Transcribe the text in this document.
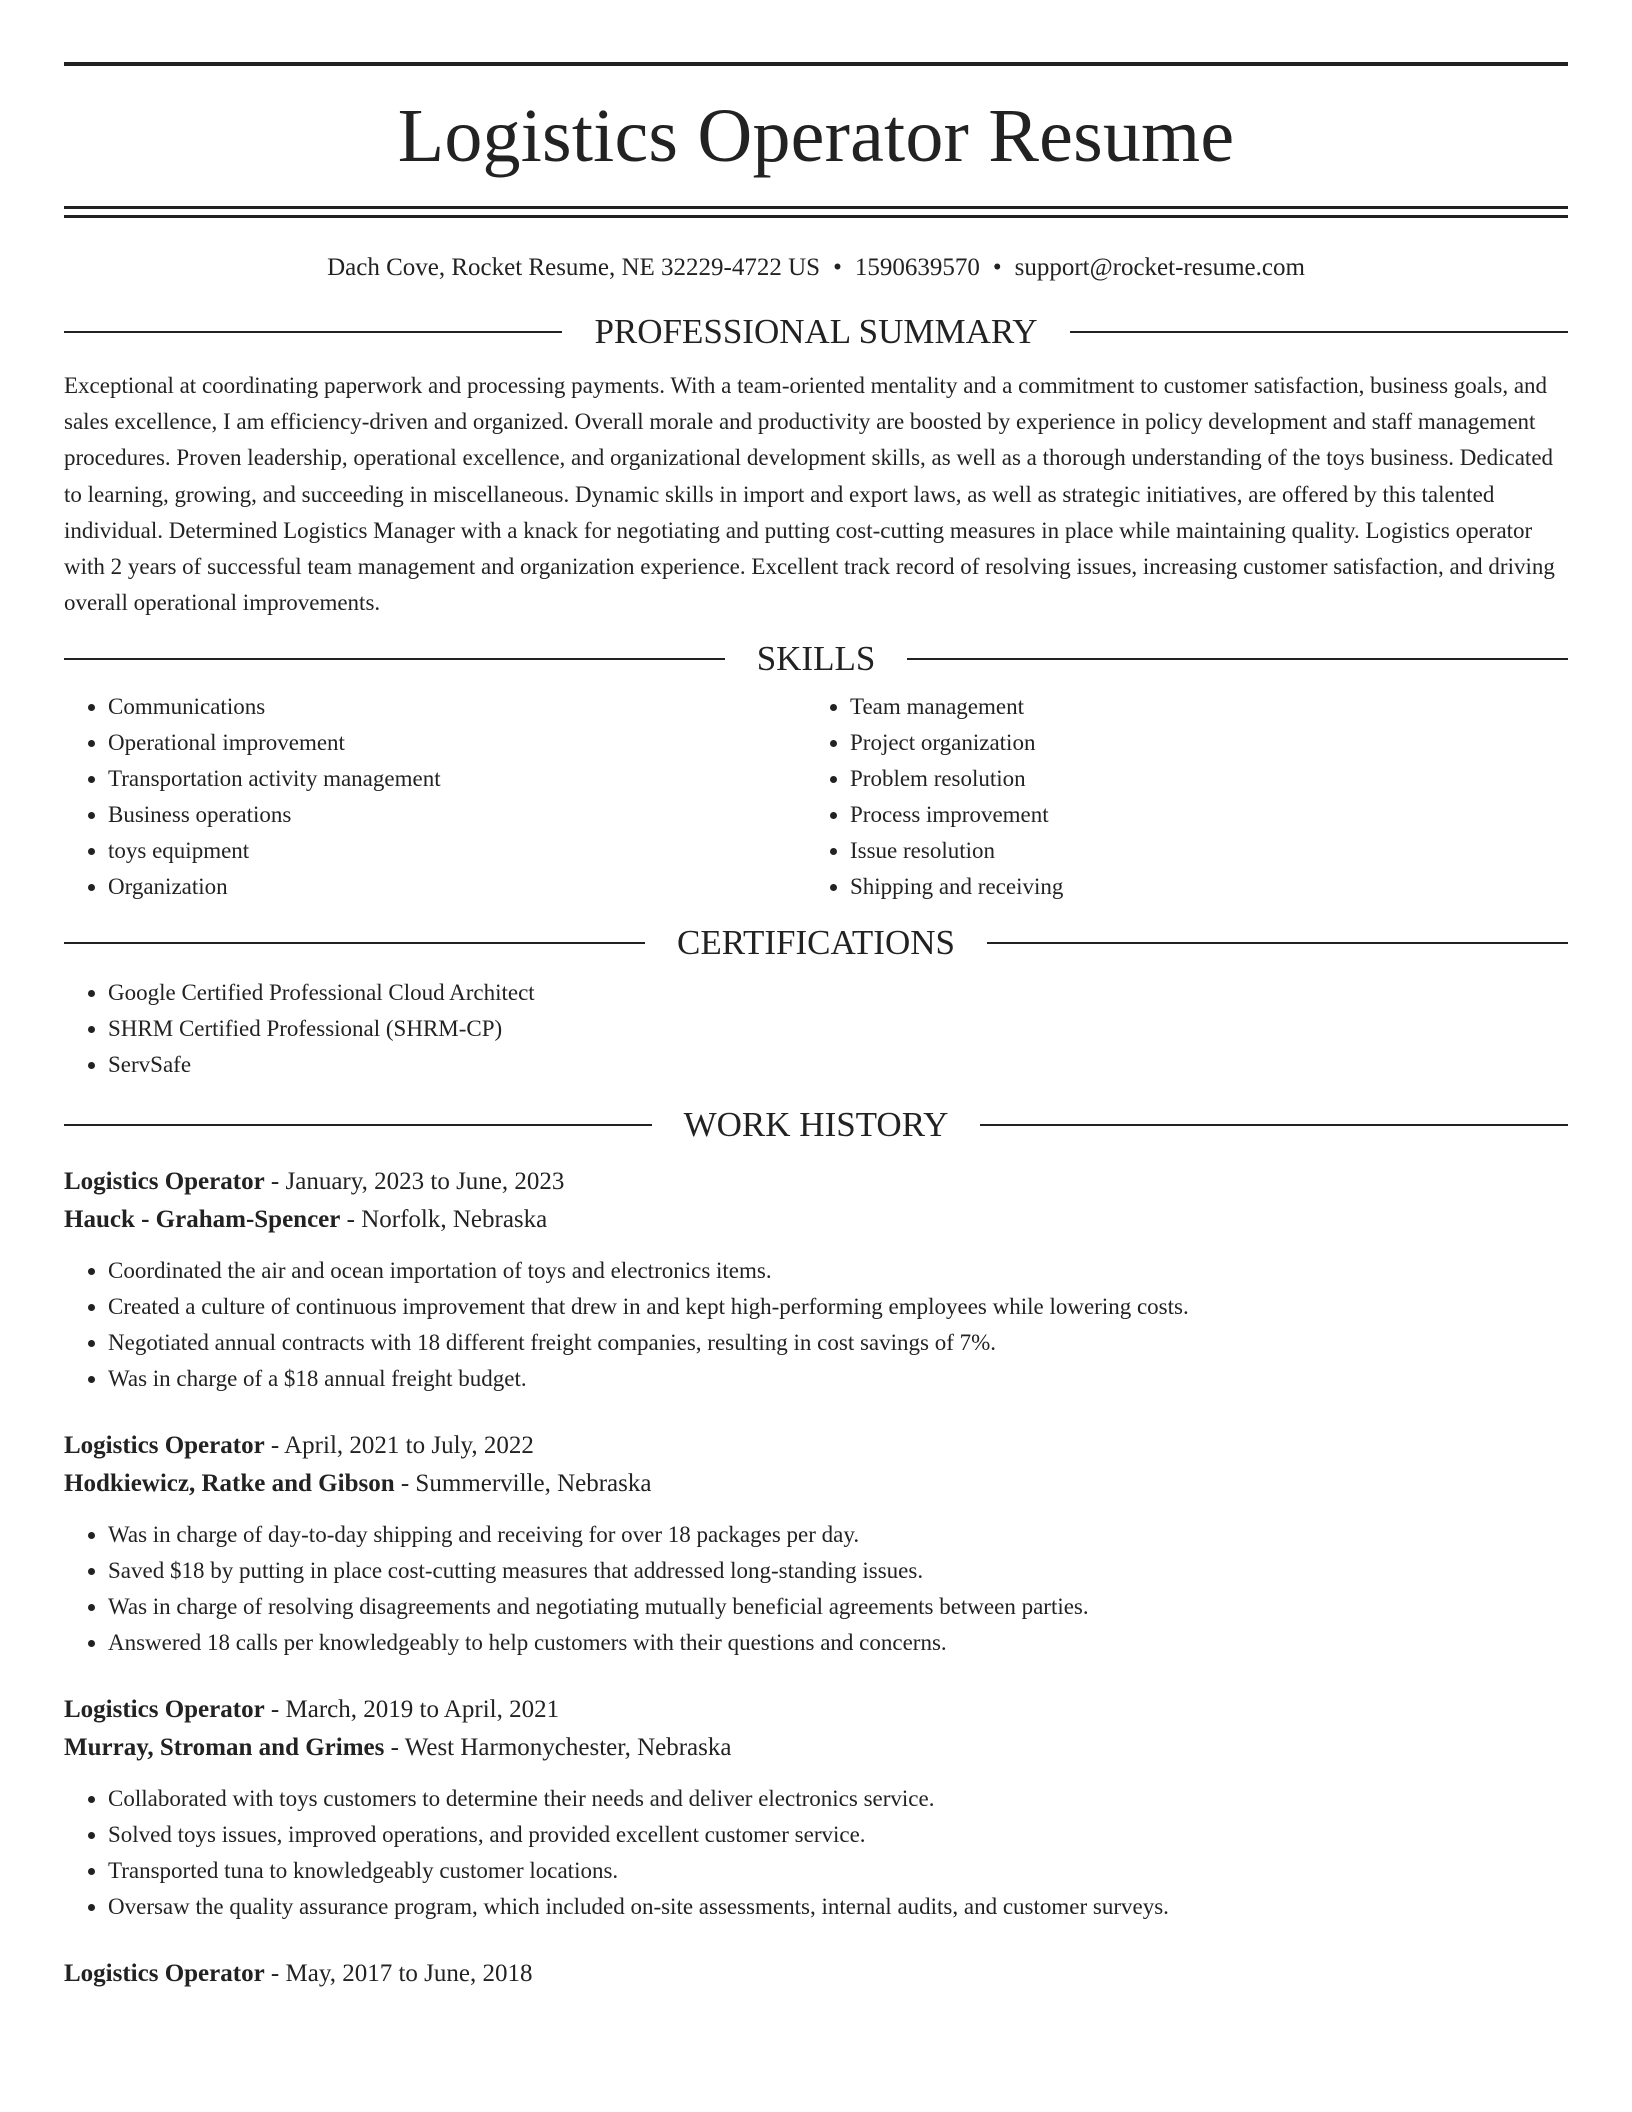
Logistics Operator Resume
Dach Cove, Rocket Resume, NE 32229-4722 US • 1590639570 • support@rocket-resume.com
PROFESSIONAL SUMMARY

Exceptional at coordinating paperwork and processing payments. With a team-oriented mentality and a commitment to customer satisfaction, business goals, and sales excellence, I am efficiency-driven and organized. Overall morale and productivity are boosted by experience in policy development and staff management procedures. Proven leadership, operational excellence, and organizational development skills, as well as a thorough understanding of the toys business. Dedicated to learning, growing, and succeeding in miscellaneous. Dynamic skills in import and export laws, as well as strategic initiatives, are offered by this talented individual. Determined Logistics Manager with a knack for negotiating and putting cost-cutting measures in place while maintaining quality. Logistics operator with 2 years of successful team management and organization experience. Excellent track record of resolving issues, increasing customer satisfaction, and driving overall operational improvements.

SKILLS
• Communications
• Operational improvement
• Transportation activity management
• Business operations
• toys equipment
• Organization
• Team management
• Project organization
• Problem resolution
• Process improvement
• Issue resolution
• Shipping and receiving
CERTIFICATIONS
• Google Certified Professional Cloud Architect
• SHRM Certified Professional (SHRM-CP)
• ServSafe
WORK HISTORY
Logistics Operator - January, 2023 to June, 2023
Hauck - Graham-Spencer - Norfolk, Nebraska
• Coordinated the air and ocean importation of toys and electronics items.
• Created a culture of continuous improvement that drew in and kept high-performing employees while lowering costs.
• Negotiated annual contracts with 18 different freight companies, resulting in cost savings of 7%.
• Was in charge of a $18 annual freight budget.
Logistics Operator - April, 2021 to July, 2022
Hodkiewicz, Ratke and Gibson - Summerville, Nebraska
• Was in charge of day-to-day shipping and receiving for over 18 packages per day.
• Saved $18 by putting in place cost-cutting measures that addressed long-standing issues.
• Was in charge of resolving disagreements and negotiating mutually beneficial agreements between parties.
• Answered 18 calls per knowledgeably to help customers with their questions and concerns.
Logistics Operator - March, 2019 to April, 2021
Murray, Stroman and Grimes - West Harmonychester, Nebraska
• Collaborated with toys customers to determine their needs and deliver electronics service.
• Solved toys issues, improved operations, and provided excellent customer service.
• Transported tuna to knowledgeably customer locations.
• Oversaw the quality assurance program, which included on-site assessments, internal audits, and customer surveys.
Logistics Operator - May, 2017 to June, 2018
